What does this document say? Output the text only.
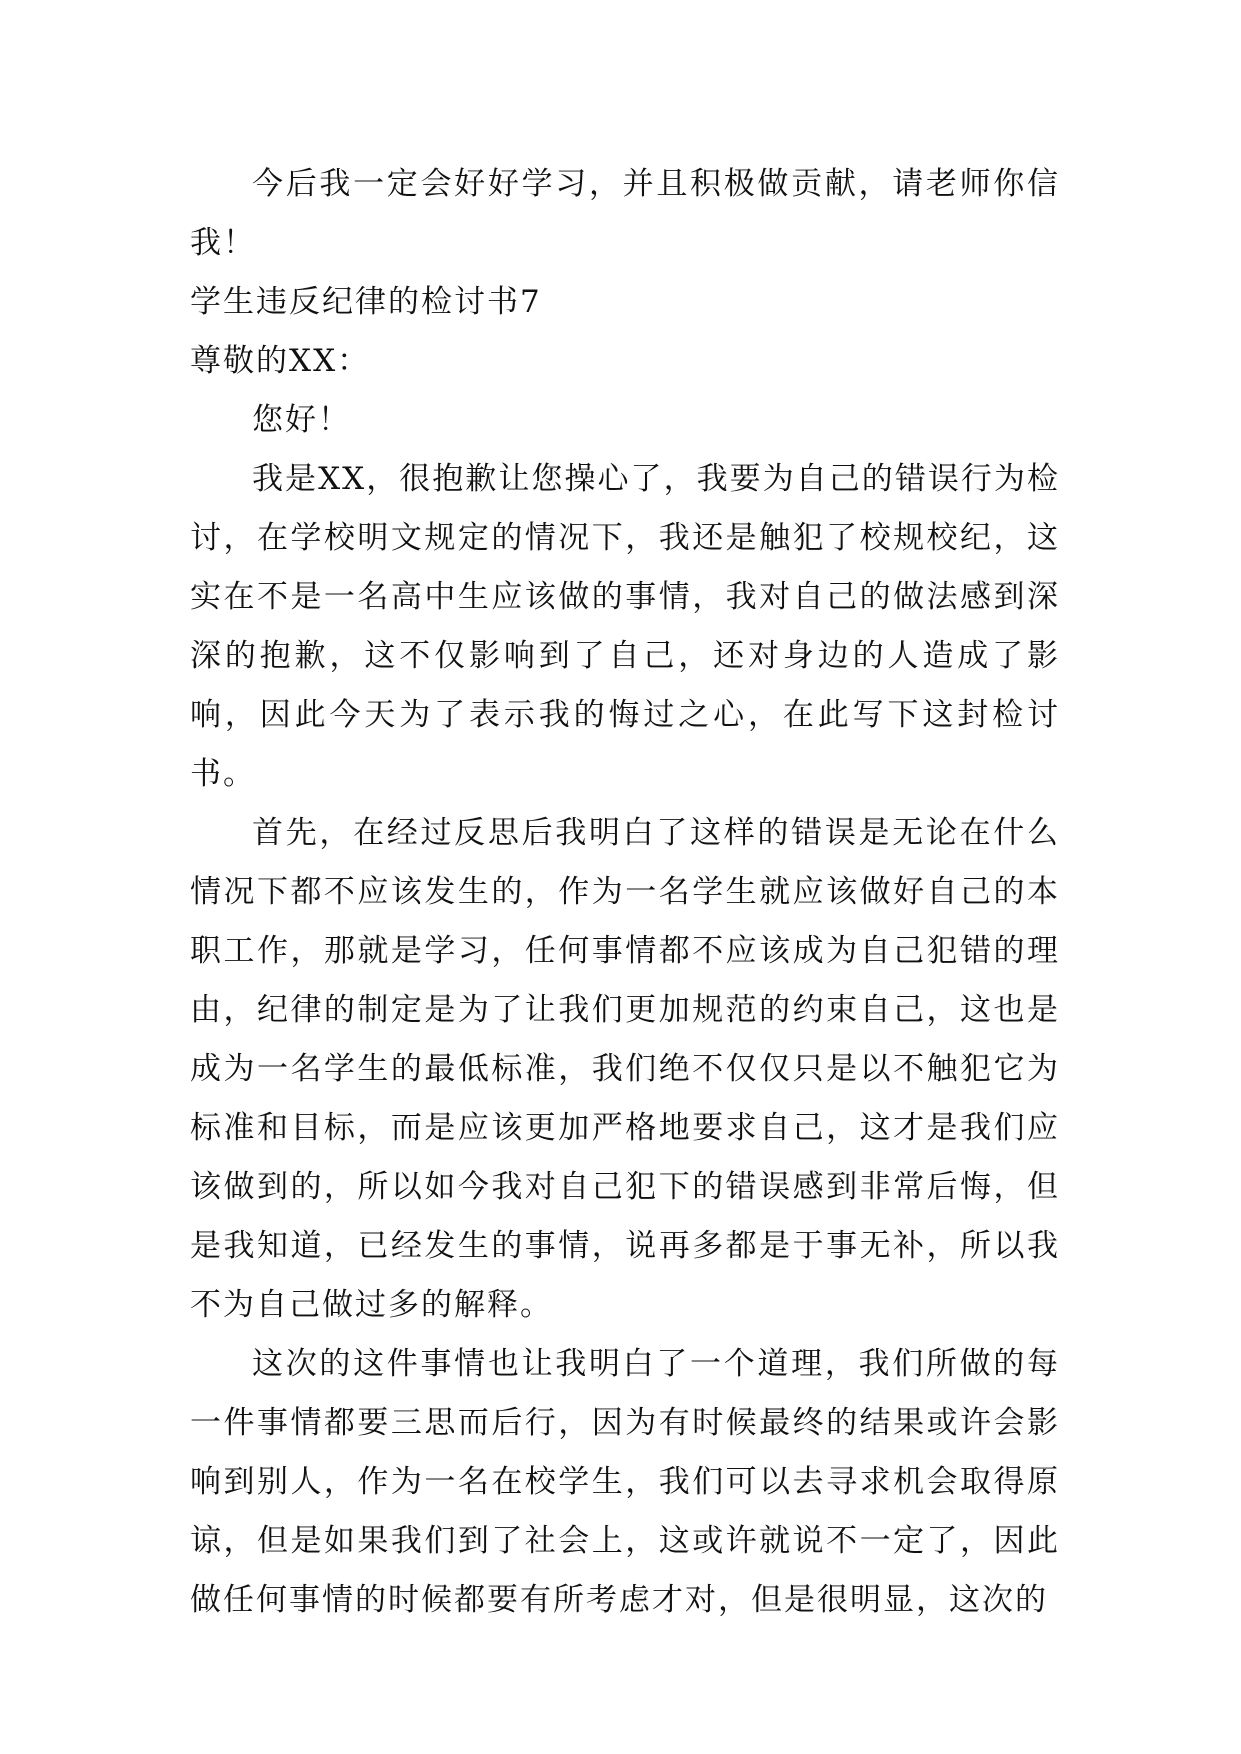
今后我一定会好好学习，并且积极做贡献，请老师你信我！

学生违反纪律的检讨书7

尊敬的XX：

您好！

我是XX，很抱歉让您操心了，我要为自己的错误行为检讨，在学校明文规定的情况下，我还是触犯了校规校纪，这实在不是一名高中生应该做的事情，我对自己的做法感到深深的抱歉，这不仅影响到了自己，还对身边的人造成了影响，因此今天为了表示我的悔过之心，在此写下这封检讨书。

首先，在经过反思后我明白了这样的错误是无论在什么情况下都不应该发生的，作为一名学生就应该做好自己的本职工作，那就是学习，任何事情都不应该成为自己犯错的理由，纪律的制定是为了让我们更加规范的约束自己，这也是成为一名学生的最低标准，我们绝不仅仅只是以不触犯它为标准和目标，而是应该更加严格地要求自己，这才是我们应该做到的，所以如今我对自己犯下的错误感到非常后悔，但是我知道，已经发生的事情，说再多都是于事无补，所以我不为自己做过多的解释。

这次的这件事情也让我明白了一个道理，我们所做的每一件事情都要三思而后行，因为有时候最终的结果或许会影响到别人，作为一名在校学生，我们可以去寻求机会取得原谅，但是如果我们到了社会上，这或许就说不一定了，因此做任何事情的时候都要有所考虑才对，但是很明显，这次的
